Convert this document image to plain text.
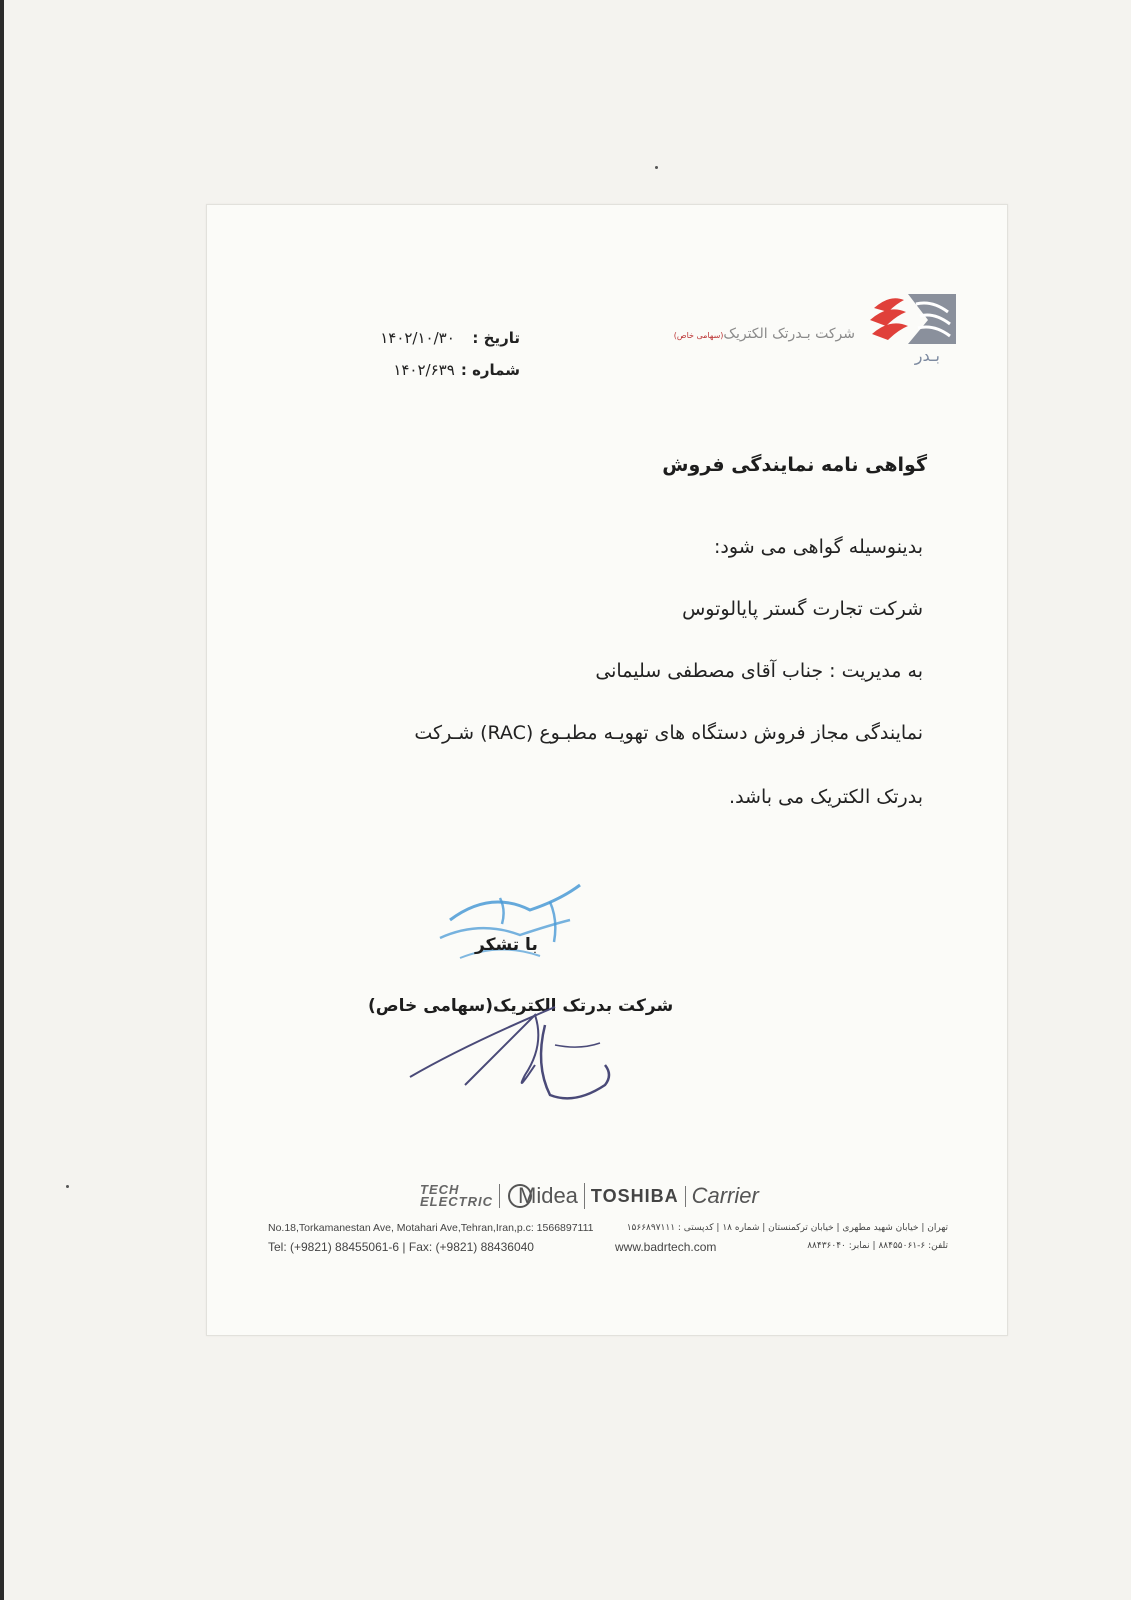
شرکت بـدرتک الکتریک(سهامی خاص)
بـدر
تاریخ : ۱۴۰۲/۱۰/۳۰
شماره : ۱۴۰۲/۶۳۹
گواهی نامه نمایندگی فروش
بدینوسیله گواهی می شود:
شرکت تجارت گستر پایالوتوس
به مدیریت : جناب آقای مصطفی سلیمانی
نمایندگی مجاز فروش دستگاه های تهویـه مطبـوع (RAC) شـرکت
بدرتک الکتریک می باشد.
با تشکر
شرکت بدرتک الکتریک(سهامی خاص)
TECH
ELECTRIC Midea TOSHIBA Carrier
No.18,Torkamanestan Ave, Motahari Ave,Tehran,Iran,p.c: 1566897111	تهران | خیابان شهید مطهری | خیابان ترکمنستان | شماره ۱۸ | کدپستی : ۱۵۶۶۸۹۷۱۱۱
Tel: (+9821) 88455061-6 | Fax: (+9821) 88436040	www.badrtech.com	تلفن: ۶-۸۸۴۵۵۰۶۱ | نمابر: ۸۸۴۳۶۰۴۰
